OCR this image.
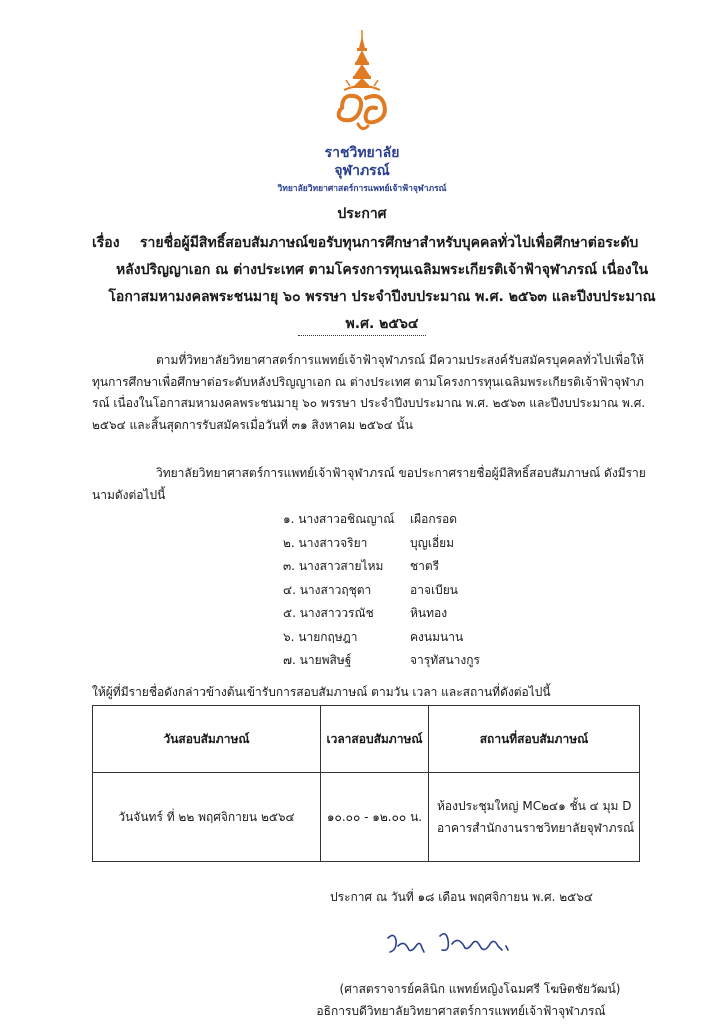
ราชวิทยาลัย
จุฬาภรณ์
วิทยาลัยวิทยาศาสตร์การแพทย์เจ้าฟ้าจุฬาภรณ์
ประกาศ
เรื่อง รายชื่อผู้มีสิทธิ์สอบสัมภาษณ์ขอรับทุนการศึกษาสำหรับบุคคลทั่วไปเพื่อศึกษาต่อระดับ
หลังปริญญาเอก ณ ต่างประเทศ ตามโครงการทุนเฉลิมพระเกียรติเจ้าฟ้าจุฬาภรณ์ เนื่องใน
โอกาสมหามงคลพระชนมายุ ๖๐ พรรษา ประจำปีงบประมาณ พ.ศ. ๒๕๖๓ และปีงบประมาณ
พ.ศ. ๒๕๖๔
ตามที่วิทยาลัยวิทยาศาสตร์การแพทย์เจ้าฟ้าจุฬาภรณ์ มีความประสงค์รับสมัครบุคคลทั่วไปเพื่อให้
ทุนการศึกษาเพื่อศึกษาต่อระดับหลังปริญญาเอก ณ ต่างประเทศ ตามโครงการทุนเฉลิมพระเกียรติเจ้าฟ้าจุฬาภ
รณ์ เนื่องในโอกาสมหามงคลพระชนมายุ ๖๐ พรรษา ประจำปีงบประมาณ พ.ศ. ๒๕๖๓ และปีงบประมาณ พ.ศ.
๒๕๖๔ และสิ้นสุดการรับสมัครเมื่อวันที่ ๓๑ สิงหาคม ๒๕๖๔ นั้น
วิทยาลัยวิทยาศาสตร์การแพทย์เจ้าฟ้าจุฬาภรณ์ ขอประกาศรายชื่อผู้มีสิทธิ์สอบสัมภาษณ์ ดังมีราย
นามดังต่อไปนี้
๑. นางสาวอชิณญาณ์ เผือกรอด
๒. นางสาวจริยา	บุญเอี่ยม
๓. นางสาวสายไหม ชาตรี
๔. นางสาวฤชุตา	อาจเบียน
๕. นางสาววรณัช	หินทอง
๖. นายกฤษฎา	คงนมนาน
๗. นายพสิษฐ์	จารุทัสนางกูร
ให้ผู้ที่มีรายชื่อดังกล่าวข้างต้นเข้ารับการสอบสัมภาษณ์ ตามวัน เวลา และสถานที่ดังต่อไปนี้
วันสอบสัมภาษณ์	เวลาสอบสัมภาษณ์	สถานที่สอบสัมภาษณ์
วันจันทร์ ที่ ๒๒ พฤศจิกายน ๒๕๖๔	๑๐.๐๐ - ๑๒.๐๐ น.	ห้องประชุมใหญ่ MC๒๔๑ ชั้น ๔ มุม D
อาคารสำนักงานราชวิทยาลัยจุฬาภรณ์
ประกาศ ณ วันที่ ๑๘ เดือน พฤศจิกายน พ.ศ. ๒๕๖๔
(ศาสตราจารย์คลินิก แพทย์หญิงโฉมศรี โฆษิตชัยวัฒน์)
อธิการบดีวิทยาลัยวิทยาศาสตร์การแพทย์เจ้าฟ้าจุฬาภรณ์
